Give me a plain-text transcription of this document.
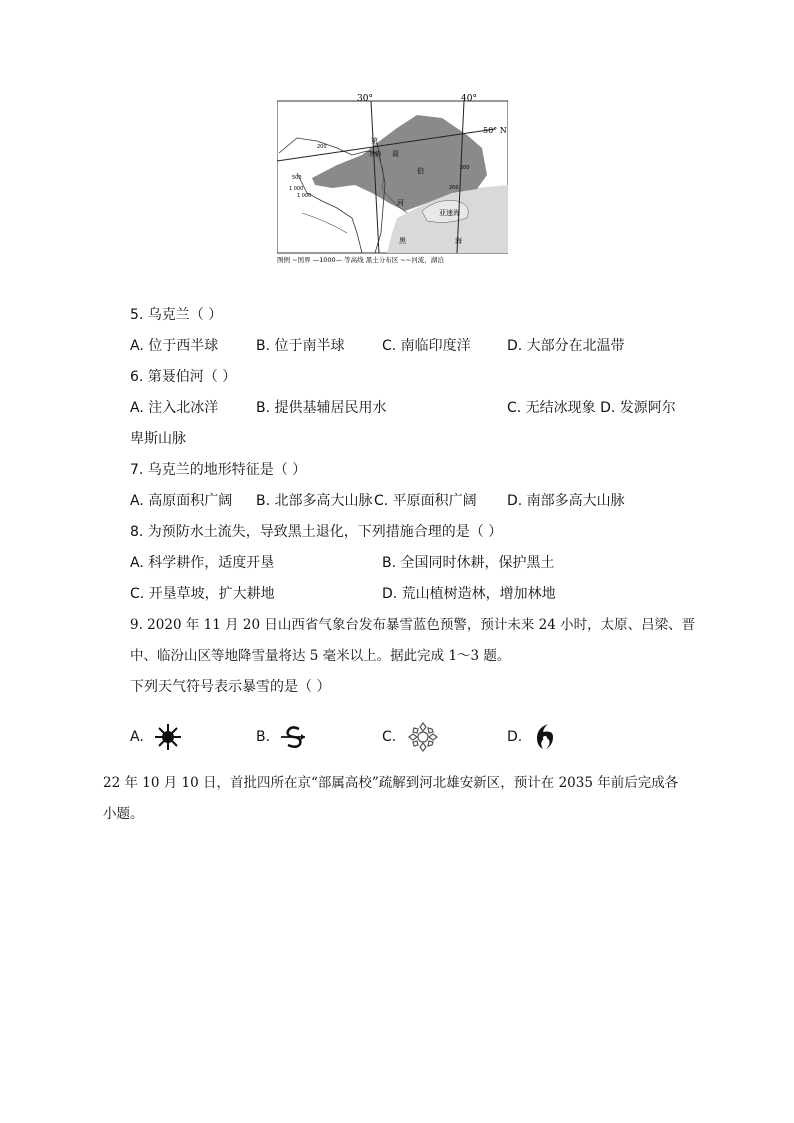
30°	40°
50° N
第
基辅 聂
伯
河
亚速海
黑	海
200
200
200
500
1 000
1 000
图例 ~国界 —1000— 等高线 黑土分布区 ~~河流，湖泊
5. 乌克兰（ ）
A. 位于西半球	B. 位于南半球	C. 南临印度洋	D. 大部分在北温带
6. 第聂伯河（ ）
A. 注入北冰洋	B. 提供基辅居民用水	C. 无结冰现象 D. 发源阿尔
卑斯山脉
7. 乌克兰的地形特征是（ ）
A. 高原面积广阔 B. 北部多高大山脉 C. 平原面积广阔 D. 南部多高大山脉
8. 为预防水土流失，导致黑土退化，下列措施合理的是（ ）
A. 科学耕作，适度开垦	B. 全国同时休耕，保护黑土
C. 开垦草坡，扩大耕地	D. 荒山植树造林，增加林地
9. 2020 年 11 月 20 日山西省气象台发布暴雪蓝色预警，预计未来 24 小时，太原、吕梁、晋
中、临汾山区等地降雪量将达 5 毫米以上。据此完成 1～3 题。
下列天气符号表示暴雪的是（ ）
A.	B.	C.	D.
22 年 10 月 10 日，首批四所在京“部属高校”疏解到河北雄安新区，预计在 2035 年前后完成各
小题。
